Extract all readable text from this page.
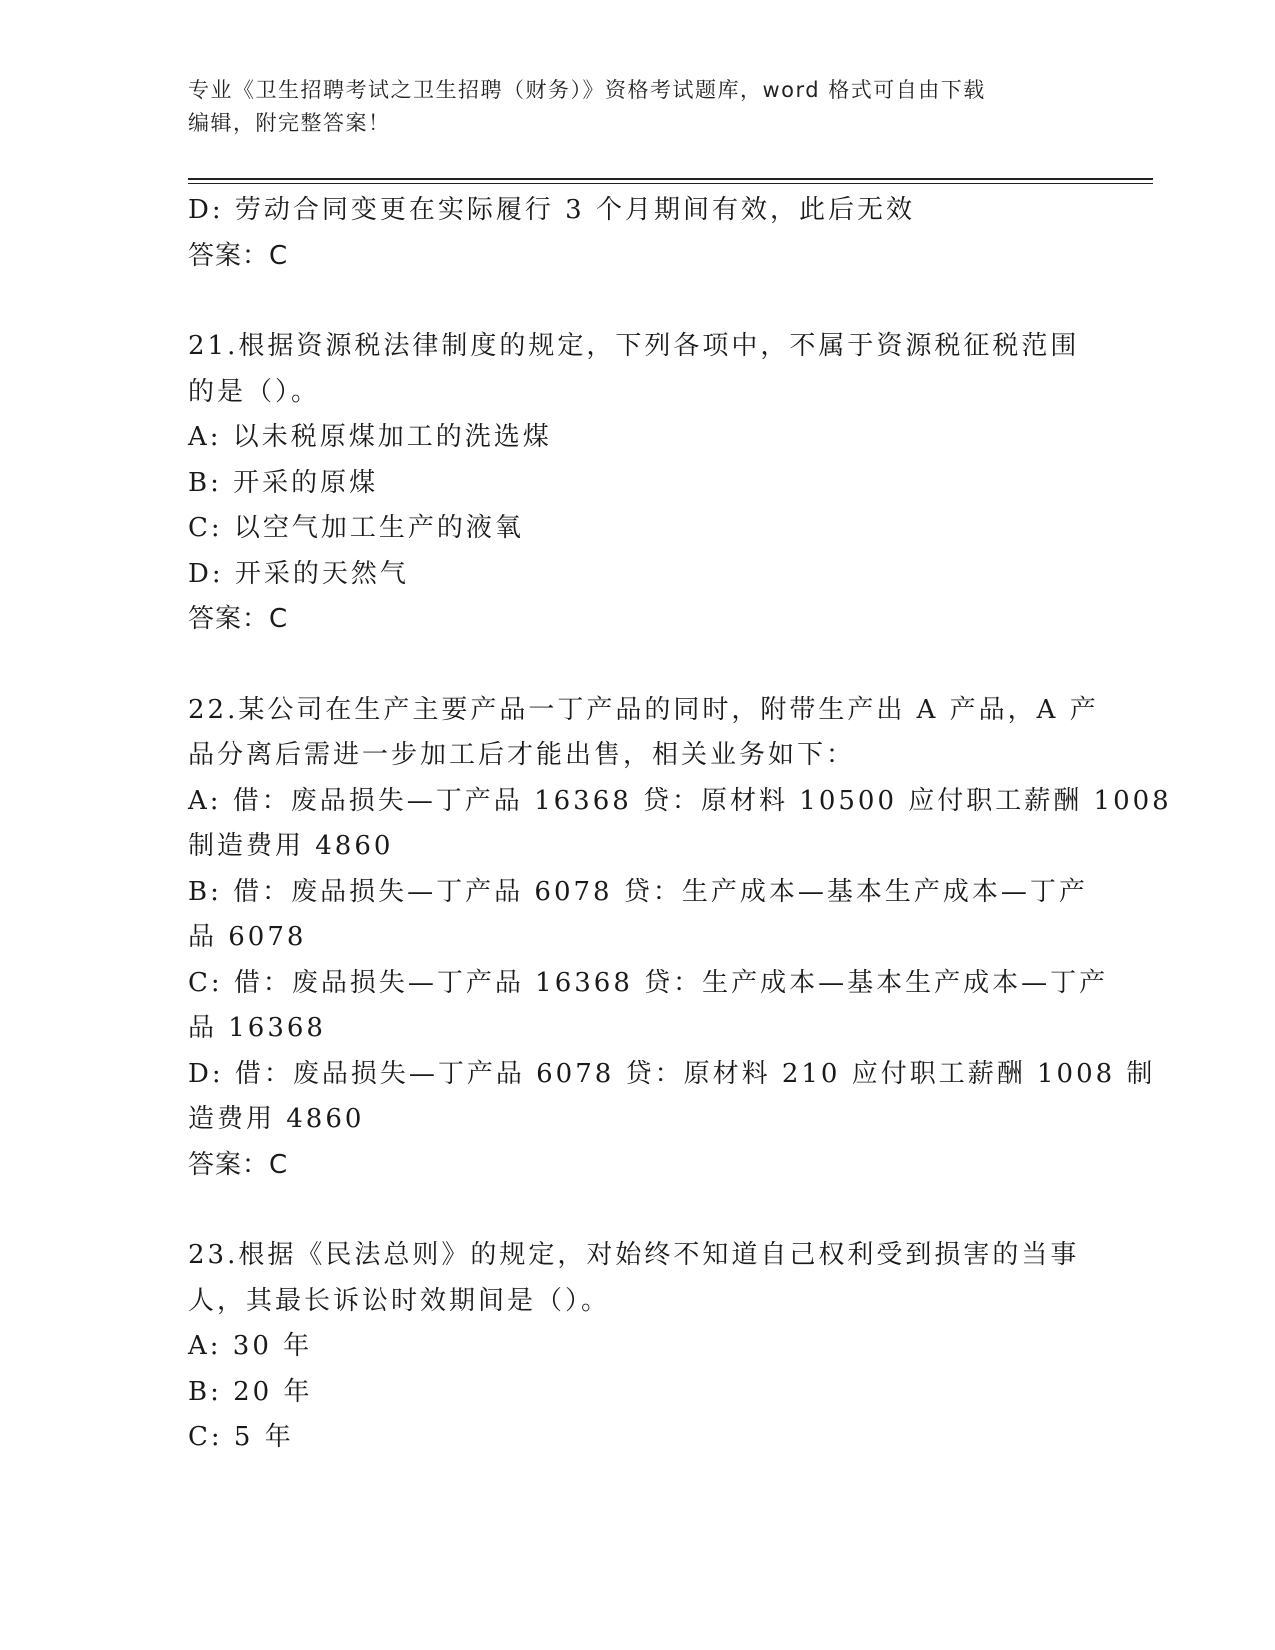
专业《卫生招聘考试之卫生招聘（财务）》资格考试题库，word 格式可自由下载
编辑，附完整答案！
D: 劳动合同变更在实际履行 3 个月期间有效，此后无效
答案：C
21.根据资源税法律制度的规定，下列各项中，不属于资源税征税范围
的是（）。
A: 以未税原煤加工的洗选煤
B: 开采的原煤
C: 以空气加工生产的液氧
D: 开采的天然气
答案：C
22.某公司在生产主要产品一丁产品的同时，附带生产出 A 产品，A 产
品分离后需进一步加工后才能出售，相关业务如下：
A: 借：废品损失—丁产品 16368 贷：原材料 10500 应付职工薪酬 1008
制造费用 4860
B: 借：废品损失—丁产品 6078 贷：生产成本—基本生产成本—丁产
品 6078
C: 借：废品损失—丁产品 16368 贷：生产成本—基本生产成本—丁产
品 16368
D: 借：废品损失—丁产品 6078 贷：原材料 210 应付职工薪酬 1008 制
造费用 4860
答案：C
23.根据《民法总则》的规定，对始终不知道自己权利受到损害的当事
人，其最长诉讼时效期间是（）。
A: 30 年
B: 20 年
C: 5 年
